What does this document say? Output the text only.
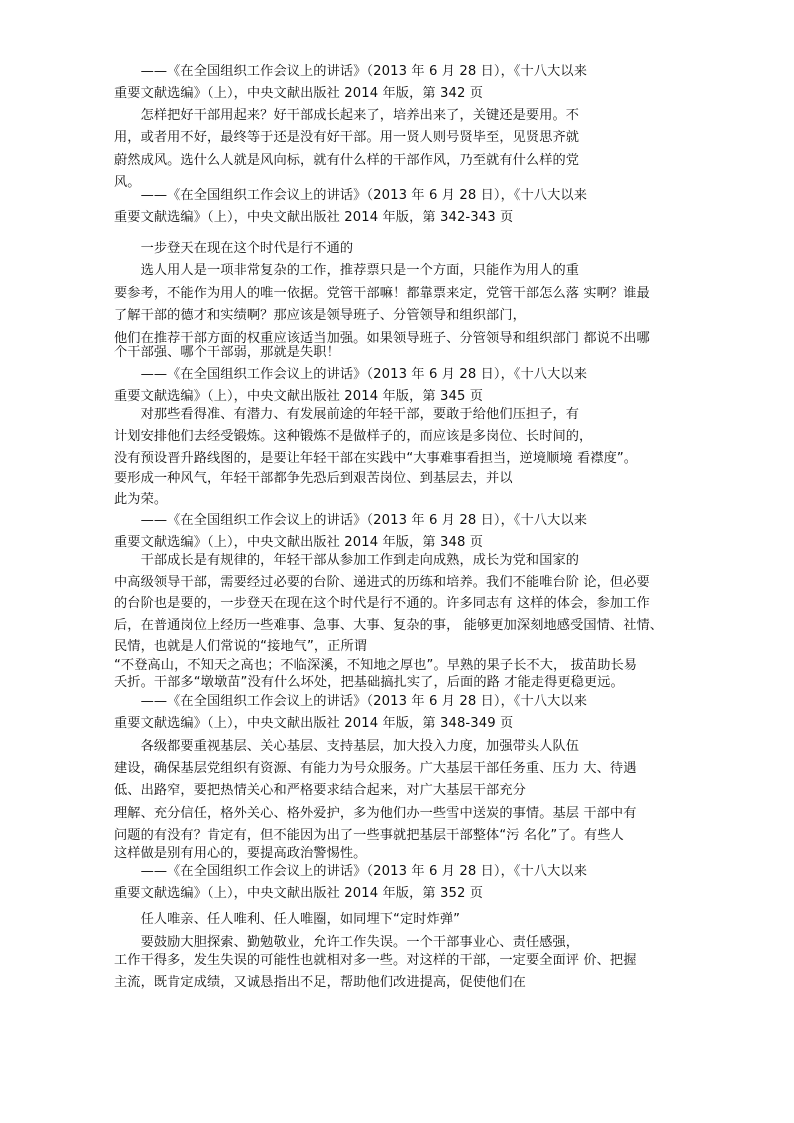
　　——《在全国组织工作会议上的讲话》（2013 年 6 月 28 日），《十八大以来

重要文献选编》（上），中央文献出版社 2014 年版，第 342 页

　　怎样把好干部用起来？好干部成长起来了，培养出来了，关键还是要用。不

用，或者用不好，最终等于还是没有好干部。用一贤人则号贤毕至，见贤思齐就

蔚然成风。选什么人就是风向标，就有什么样的干部作风，乃至就有什么样的党

风。

　　——《在全国组织工作会议上的讲话》（2013 年 6 月 28 日），《十八大以来

重要文献选编》（上），中央文献出版社 2014 年版，第 342-343 页

　　一步登天在现在这个时代是行不通的

　　选人用人是一项非常复杂的工作，推荐票只是一个方面，只能作为用人的重

要参考，不能作为用人的唯一依据。党管干部嘛！都靠票来定，党管干部怎么落 实啊？谁最

了解干部的德才和实绩啊？那应该是领导班子、分管领导和组织部门，

他们在推荐干部方面的权重应该适当加强。如果领导班子、分管领导和组织部门 都说不出哪

个干部强、哪个干部弱，那就是失职！

　　——《在全国组织工作会议上的讲话》（2013 年 6 月 28 日），《十八大以来

重要文献选编》（上），中央文献出版社 2014 年版，第 345 页

　　对那些看得准、有潜力、有发展前途的年轻干部，要敢于给他们压担子，有

计划安排他们去经受锻炼。这种锻炼不是做样子的，而应该是多岗位、长时间的，

没有预设晋升路线图的，是要让年轻干部在实践中“大事难事看担当，逆境顺境 看襟度”。

要形成一种风气，年轻干部都争先恐后到艰苦岗位、到基层去，并以

此为荣。

　　——《在全国组织工作会议上的讲话》（2013 年 6 月 28 日），《十八大以来

重要文献选编》（上），中央文献出版社 2014 年版，第 348 页

　　干部成长是有规律的，年轻干部从参加工作到走向成熟，成长为党和国家的

中高级领导干部，需要经过必要的台阶、递进式的历练和培养。我们不能唯台阶 论，但必要

的台阶也是要的，一步登天在现在这个时代是行不通的。许多同志有 这样的体会，参加工作

后，在普通岗位上经历一些难事、急事、大事、复杂的事， 能够更加深刻地感受国情、社情、

民情，也就是人们常说的“接地气”，正所谓

“不登高山，不知天之高也；不临深溪，不知地之厚也”。早熟的果子长不大， 拔苗助长易

夭折。干部多“墩墩苗”没有什么坏处，把基础搞扎实了，后面的路 才能走得更稳更远。

　　——《在全国组织工作会议上的讲话》（2013 年 6 月 28 日），《十八大以来

重要文献选编》（上），中央文献出版社 2014 年版，第 348-349 页

　　各级都要重视基层、关心基层、支持基层，加大投入力度，加强带头人队伍

建设，确保基层党组织有资源、有能力为号众服务。广大基层干部任务重、压力 大、待遇

低、出路窄，要把热情关心和严格要求结合起来，对广大基层干部充分

理解、充分信任，格外关心、格外爱护，多为他们办一些雪中送炭的事情。基层 干部中有

问题的有没有？肯定有，但不能因为出了一些事就把基层干部整体“污 名化”了。有些人

这样做是别有用心的，要提高政治警惕性。

　　——《在全国组织工作会议上的讲话》（2013 年 6 月 28 日），《十八大以来

重要文献选编》（上），中央文献出版社 2014 年版，第 352 页

　　任人唯亲、任人唯利、任人唯圈，如同埋下“定时炸弹”

　　要鼓励大胆探索、勤勉敬业，允许工作失误。一个干部事业心、责任感强，

工作干得多，发生失误的可能性也就相对多一些。对这样的干部，一定要全面评 价、把握

主流，既肯定成绩，又诚恳指出不足，帮助他们改进提高，促使他们在
